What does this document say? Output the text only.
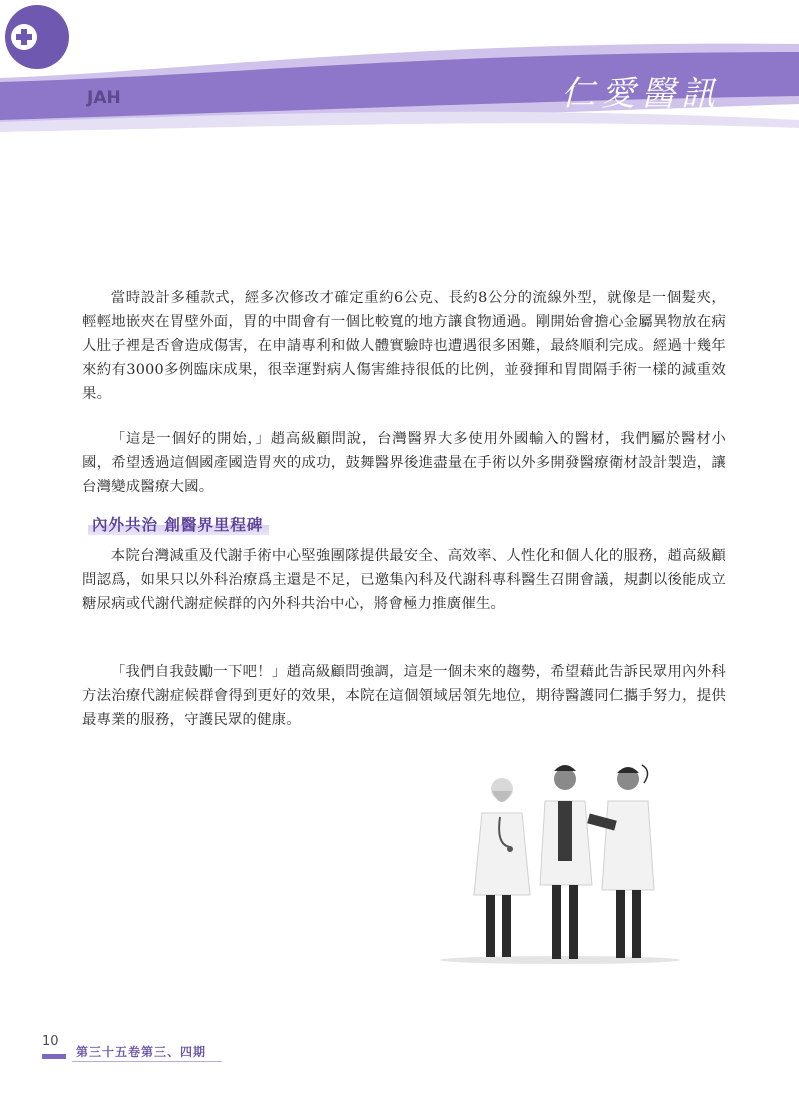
JAH	仁愛醫訊

當時設計多種款式，經多次修改才確定重約6公克、長約8公分的流線外型，就像是一個髮夾，輕輕地嵌夾在胃壁外面，胃的中間會有一個比較寬的地方讓食物通過。剛開始會擔心金屬異物放在病人肚子裡是否會造成傷害，在申請專利和做人體實驗時也遭遇很多困難，最終順利完成。經過十幾年來約有3000多例臨床成果，很幸運對病人傷害維持很低的比例，並發揮和胃間隔手術一樣的減重效果。

「這是一個好的開始，」趙高級顧問說，台灣醫界大多使用外國輸入的醫材，我們屬於醫材小國，希望透過這個國產國造胃夾的成功，鼓舞醫界後進盡量在手術以外多開發醫療衛材設計製造，讓台灣變成醫療大國。

內外共治 創醫界里程碑

本院台灣減重及代謝手術中心堅強團隊提供最安全、高效率、人性化和個人化的服務，趙高級顧問認爲，如果只以外科治療爲主還是不足，已邀集內科及代謝科專科醫生召開會議，規劃以後能成立糖尿病或代謝代謝症候群的內外科共治中心，將會極力推廣催生。

「我們自我鼓勵一下吧！」趙高級顧問強調，這是一個未來的趨勢，希望藉此告訴民眾用內外科方法治療代謝症候群會得到更好的效果，本院在這個領域居領先地位，期待醫護同仁攜手努力，提供最專業的服務，守護民眾的健康。

10
第三十五卷第三、四期
